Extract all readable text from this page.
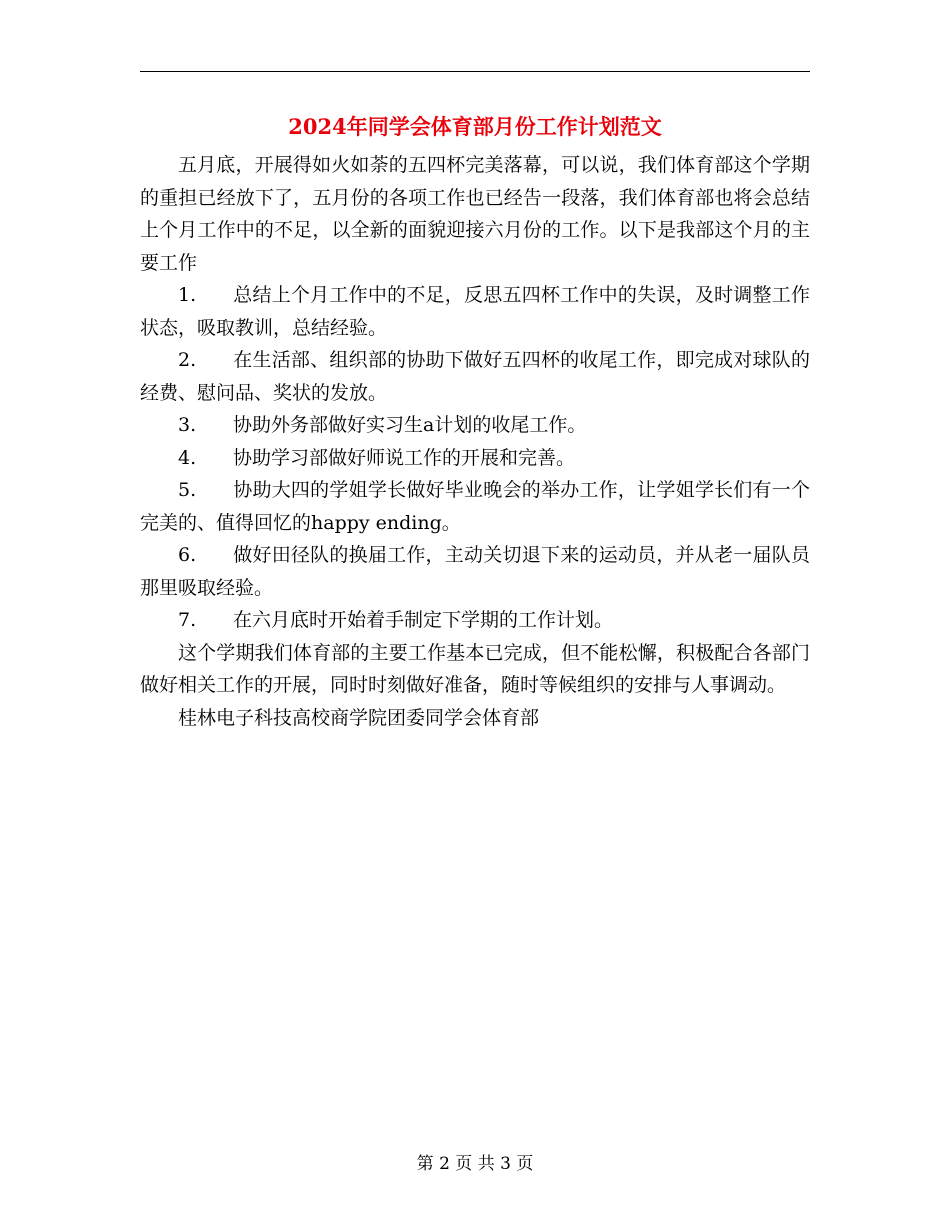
2024年同学会体育部月份工作计划范文

五月底，开展得如火如荼的五四杯完美落幕，可以说，我们体育部这个学期的重担已经放下了，五月份的各项工作也已经告一段落，我们体育部也将会总结上个月工作中的不足，以全新的面貌迎接六月份的工作。以下是我部这个月的主要工作

1. 总结上个月工作中的不足，反思五四杯工作中的失误，及时调整工作状态，吸取教训，总结经验。

2. 在生活部、组织部的协助下做好五四杯的收尾工作，即完成对球队的经费、慰问品、奖状的发放。

3. 协助外务部做好实习生a计划的收尾工作。

4. 协助学习部做好师说工作的开展和完善。

5. 协助大四的学姐学长做好毕业晚会的举办工作，让学姐学长们有一个完美的、值得回忆的happy ending。

6. 做好田径队的换届工作，主动关切退下来的运动员，并从老一届队员那里吸取经验。

7. 在六月底时开始着手制定下学期的工作计划。

这个学期我们体育部的主要工作基本已完成，但不能松懈，积极配合各部门做好相关工作的开展，同时时刻做好准备，随时等候组织的安排与人事调动。

桂林电子科技高校商学院团委同学会体育部

第 2 页 共 3 页
